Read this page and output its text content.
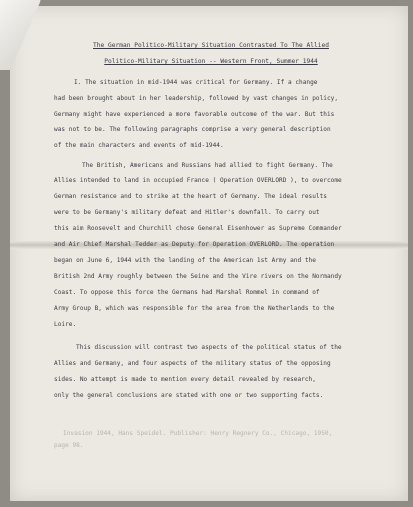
The German Politico-Military Situation Contrasted To The Allied
Politico-Military Situation -- Western Front, Summer 1944
I. The situation in mid-1944 was critical for Germany. If a change
had been brought about in her leadership, followed by vast changes in policy,
Germany might have experienced a more favorable outcome of the war. But this
was not to be. The following paragraphs comprise a very general description
of the main characters and events of mid-1944.
The British, Americans and Russians had allied to fight Germany. The
Allies intended to land in occupied France ( Operation OVERLORD ), to overcome
German resistance and to strike at the heart of Germany. The ideal results
were to be Germany's military defeat and Hitler's downfall. To carry out
this aim Roosevelt and Churchill chose General Eisenhower as Supreme Commander
and Air Chief Marshal Tedder as Deputy for Operation OVERLORD. The operation
began on June 6, 1944 with the landing of the American 1st Army and the
British 2nd Army roughly between the Seine and the Vire rivers on the Normandy
Coast. To oppose this force the Germans had Marshal Rommel in command of
Army Group B, which was responsible for the area from the Netherlands to the
Loire.
This discussion will contrast two aspects of the political status of the
Allies and Germany, and four aspects of the military status of the opposing
sides. No attempt is made to mention every detail revealed by research,
only the general conclusions are stated with one or two supporting facts.
Invasion 1944, Hans Speidel. Publisher: Henry Regnery Co., Chicago, 1950,
page 98.
